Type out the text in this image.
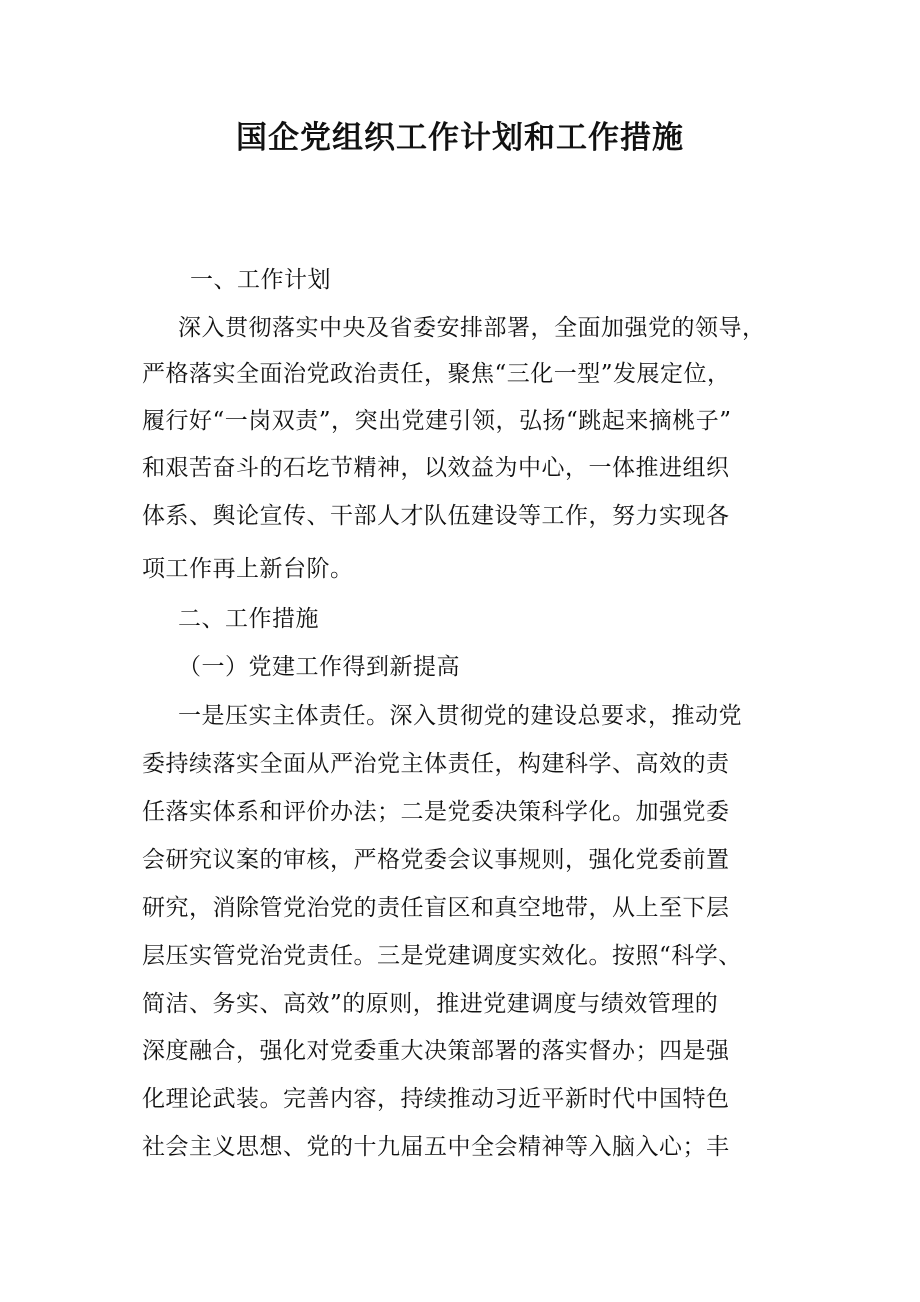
国企党组织工作计划和工作措施
一、工作计划
深入贯彻落实中央及省委安排部署，全面加强党的领导，
严格落实全面治党政治责任，聚焦“三化一型”发展定位，
履行好“一岗双责”，突出党建引领，弘扬“跳起来摘桃子”
和艰苦奋斗的石圪节精神，以效益为中心，一体推进组织
体系、舆论宣传、干部人才队伍建设等工作，努力实现各
项工作再上新台阶。
二、工作措施
（一）党建工作得到新提高
一是压实主体责任。深入贯彻党的建设总要求，推动党
委持续落实全面从严治党主体责任，构建科学、高效的责
任落实体系和评价办法；二是党委决策科学化。加强党委
会研究议案的审核，严格党委会议事规则，强化党委前置
研究，消除管党治党的责任盲区和真空地带，从上至下层
层压实管党治党责任。三是党建调度实效化。按照“科学、
简洁、务实、高效”的原则，推进党建调度与绩效管理的
深度融合，强化对党委重大决策部署的落实督办；四是强
化理论武装。完善内容，持续推动习近平新时代中国特色
社会主义思想、党的十九届五中全会精神等入脑入心；丰
